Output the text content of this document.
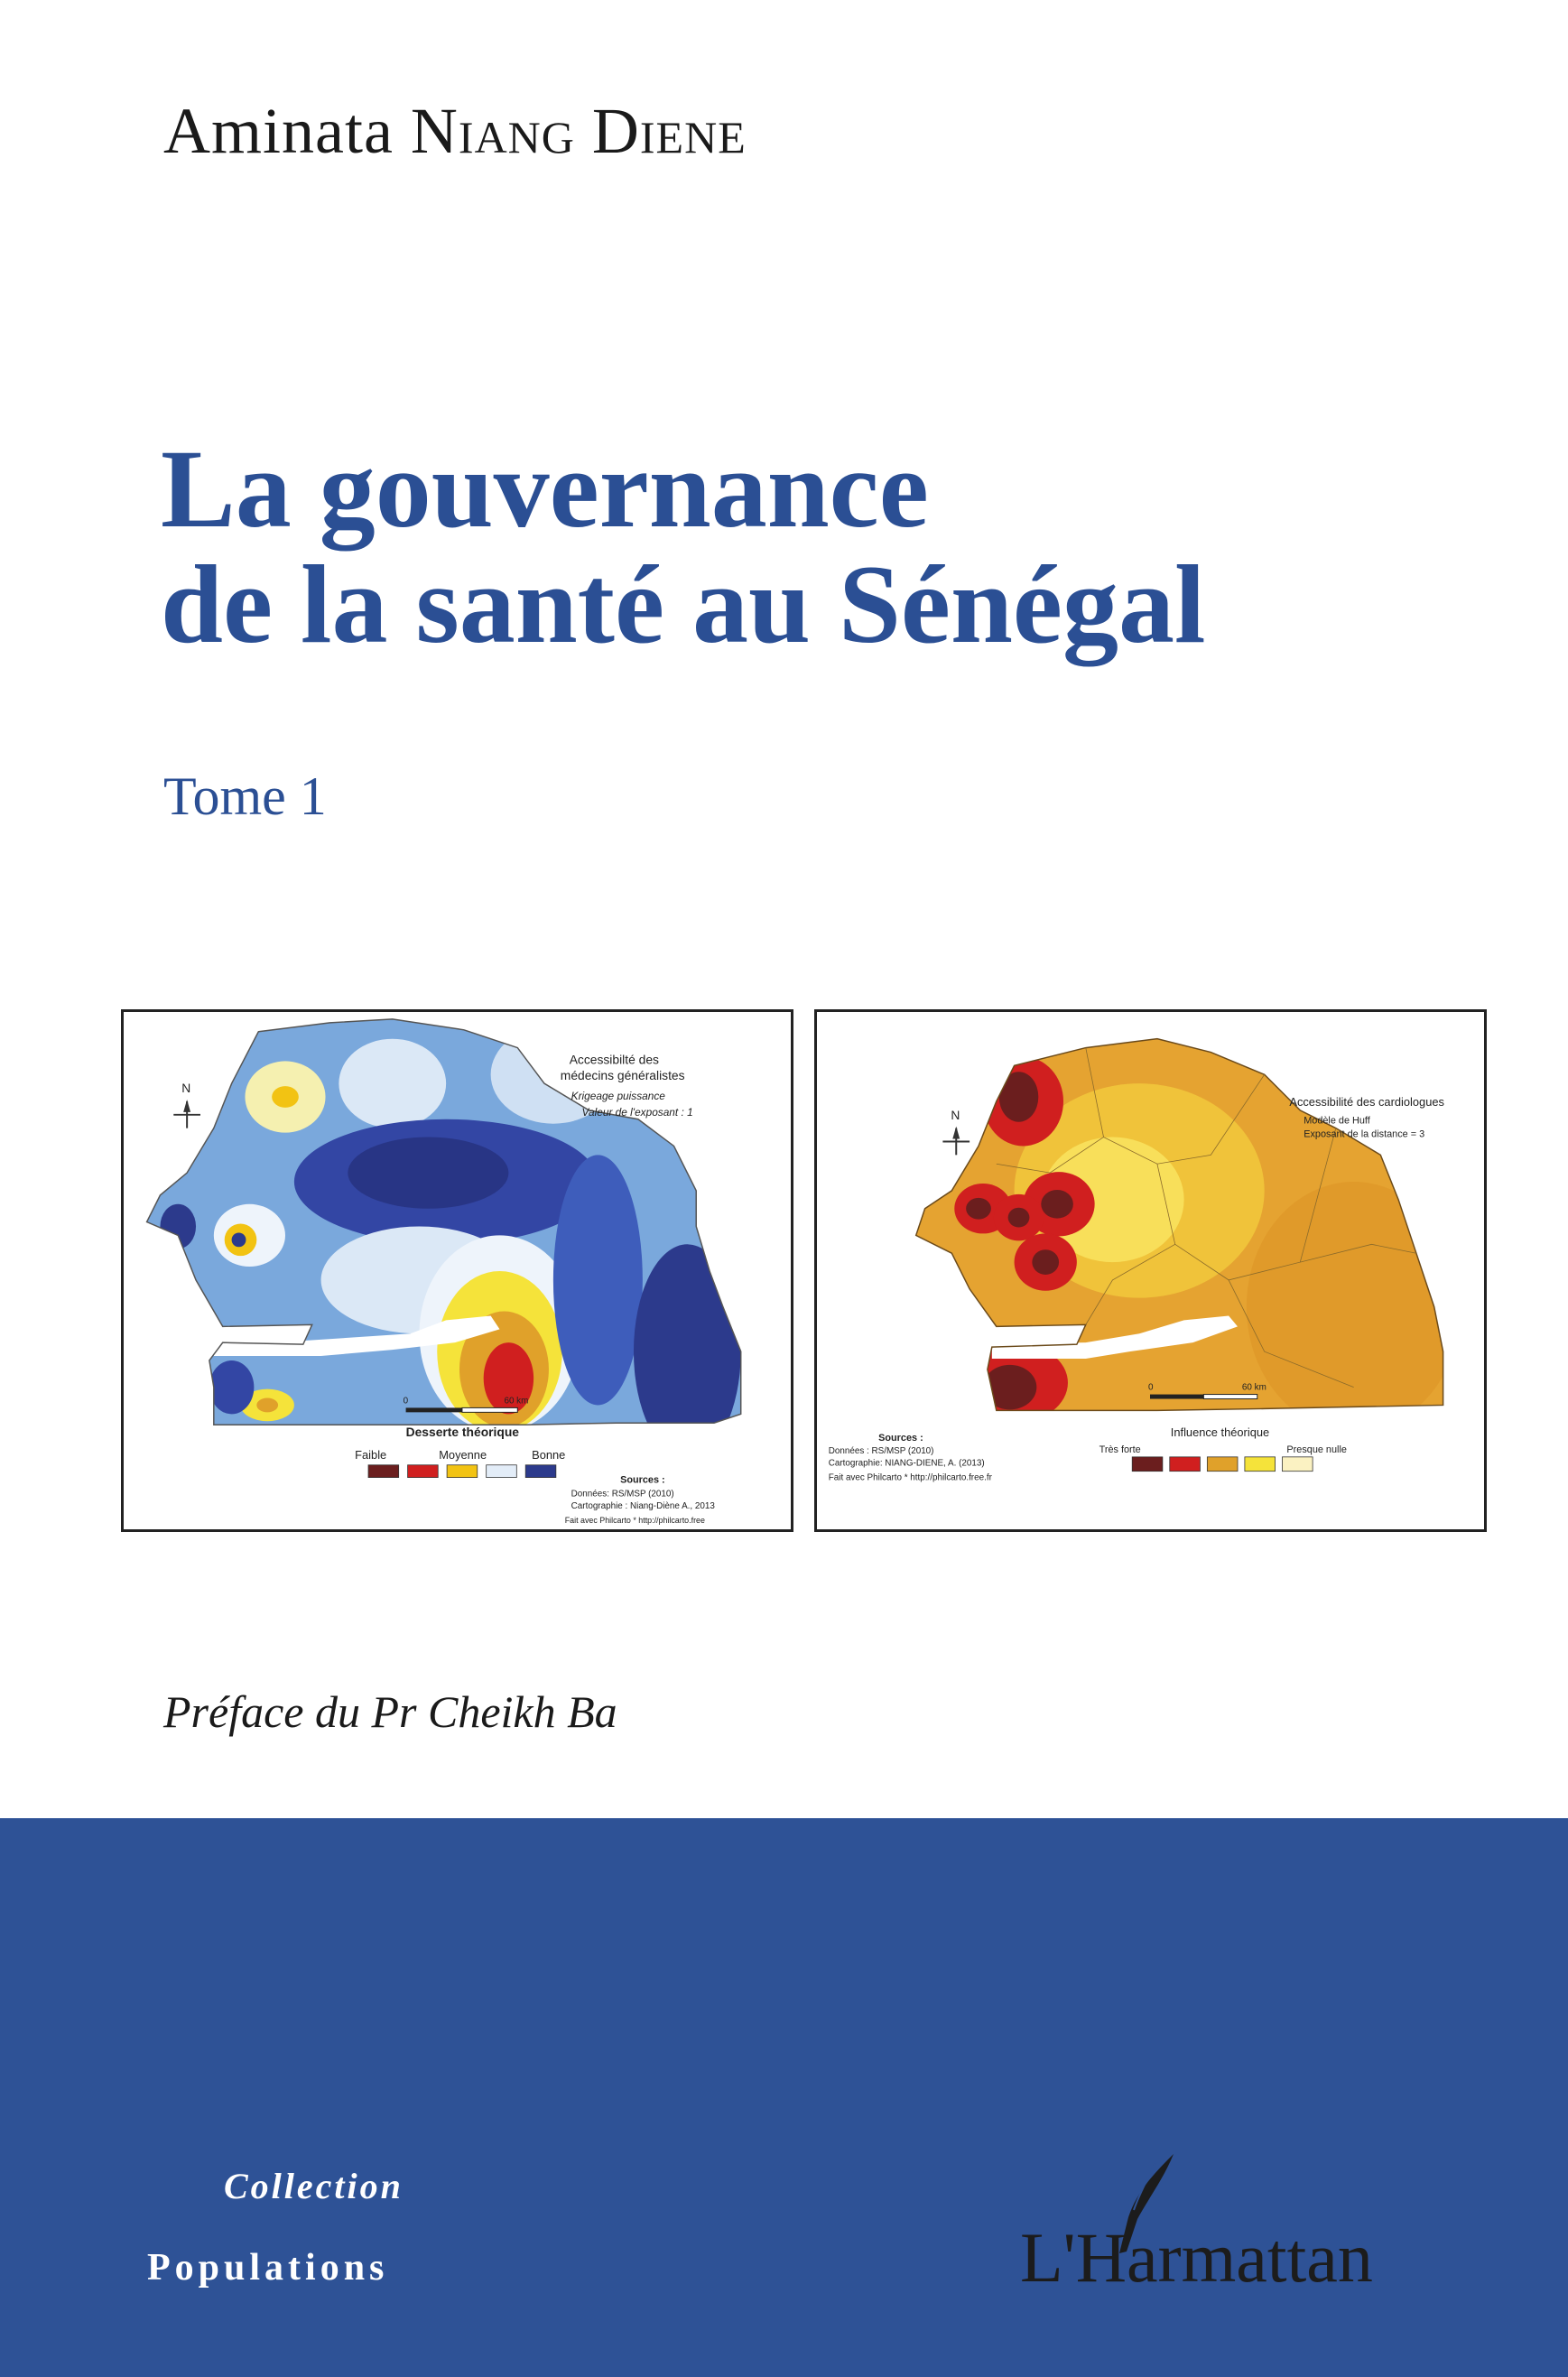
Aminata Niang Diene
La gouvernance
de la santé au Sénégal
Tome 1
N
Accessibilté des
médecins généralistes
Krigeage puissance
Valeur de l'exposant : 1
0	60 km
Desserte théorique
Faible	Moyenne	Bonne
Sources :
Données: RS/MSP (2010)
Cartographie : Niang-Diène A., 2013
Fait avec Philcarto * http://philcarto.free
N
Accessibilité des cardiologues
Modèle de Huff
Exposant de la distance = 3
0	60 km
Influence théorique
Très forte	Presque nulle
Sources :
Données : RS/MSP (2010)
Cartographie: NIANG-DIENE, A. (2013)
Fait avec Philcarto * http://philcarto.free.fr
Préface du Pr Cheikh Ba
Collection
Populations	L'Harmattan
